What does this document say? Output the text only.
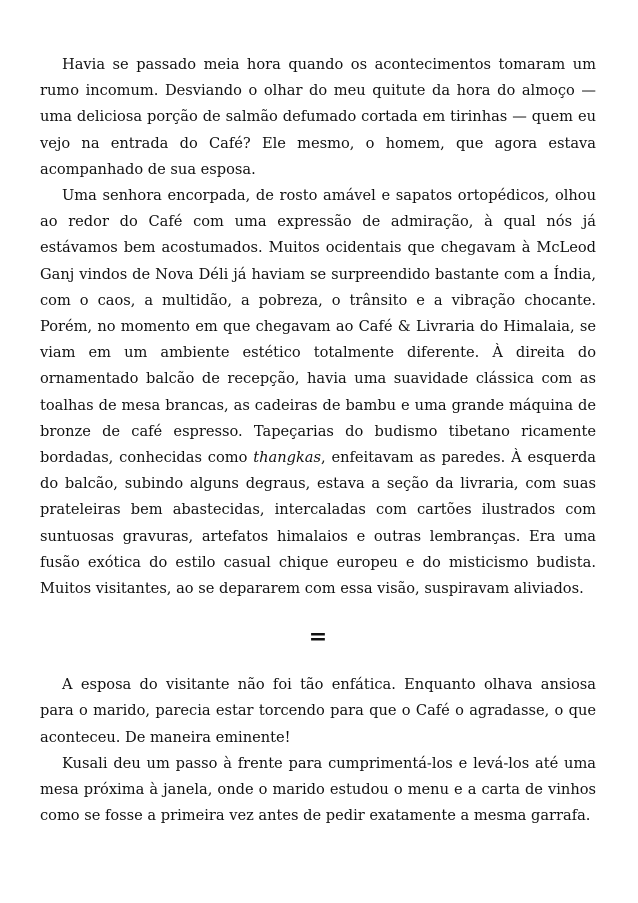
Havia se passado meia hora quando os acontecimentos tomaram um rumo incomum. Desviando o olhar do meu quitute da hora do almoço — uma deliciosa porção de salmão defumado cortada em tirinhas — quem eu vejo na entrada do Café? Ele mesmo, o homem, que agora estava acompanhado de sua esposa.

Uma senhora encorpada, de rosto amável e sapatos ortopédicos, olhou ao redor do Café com uma expressão de admiração, à qual nós já estávamos bem acostumados. Muitos ocidentais que chegavam à McLeod Ganj vindos de Nova Déli já haviam se surpreendido bastante com a Índia, com o caos, a multidão, a pobreza, o trânsito e a vibração chocante. Porém, no momento em que chegavam ao Café & Livraria do Himalaia, se viam em um ambiente estético totalmente diferente. À direita do ornamentado balcão de recepção, havia uma suavidade clássica com as toalhas de mesa brancas, as cadeiras de bambu e uma grande máquina de bronze de café espresso. Tapeçarias do budismo tibetano ricamente bordadas, conhecidas como thangkas, enfeitavam as paredes. À esquerda do balcão, subindo alguns degraus, estava a seção da livraria, com suas prateleiras bem abastecidas, intercaladas com cartões ilustrados com suntuosas gravuras, artefatos himalaios e outras lembranças. Era uma fusão exótica do estilo casual chique europeu e do misticismo budista. Muitos visitantes, ao se depararem com essa visão, suspiravam aliviados.

=

A esposa do visitante não foi tão enfática. Enquanto olhava ansiosa para o marido, parecia estar torcendo para que o Café o agradasse, o que aconteceu. De maneira eminente!

Kusali deu um passo à frente para cumprimentá-los e levá-los até uma mesa próxima à janela, onde o marido estudou o menu e a carta de vinhos como se fosse a primeira vez antes de pedir exatamente a mesma garrafa.
